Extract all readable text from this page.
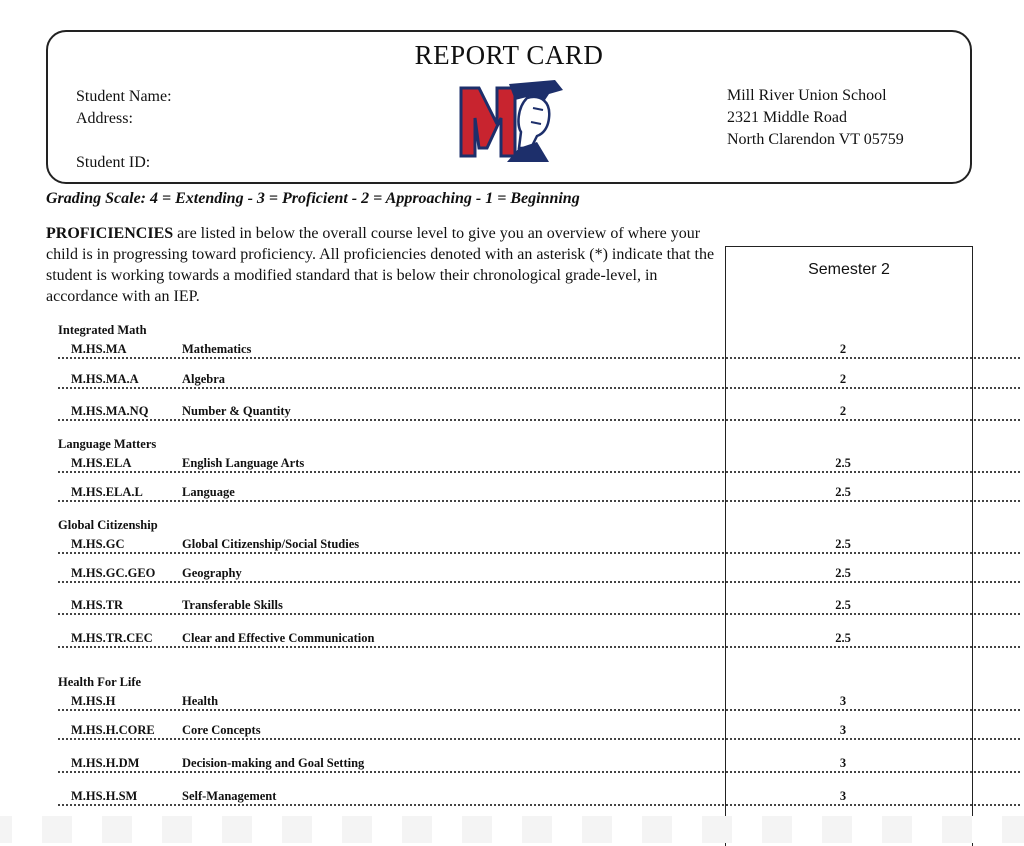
REPORT CARD
Student Name:
Address:
Student ID:
Mill River Union School
2321 Middle Road
North Clarendon VT 05759
Grading Scale: 4 = Extending - 3 = Proficient - 2 = Approaching - 1 = Beginning
PROFICIENCIES are listed in below the overall course level to give you an overview of where your child is in progressing toward proficiency. All proficiencies denoted with an asterisk (*) indicate that the student is working towards a modified standard that is below their chronological grade-level, in accordance with an IEP.
Semester 2
Integrated Math
M.HS.MA	Mathematics	2
M.HS.MA.A	Algebra	2
M.HS.MA.NQ	Number & Quantity	2
Language Matters
M.HS.ELA	English Language Arts	2.5
M.HS.ELA.L	Language	2.5
Global Citizenship
M.HS.GC	Global Citizenship/Social Studies	2.5
M.HS.GC.GEO Geography	2.5
M.HS.TR	Transferable Skills	2.5
M.HS.TR.CEC Clear and Effective Communication	2.5
Health For Life
M.HS.H	Health	3
M.HS.H.CORE Core Concepts	3
M.HS.H.DM	Decision-making and Goal Setting	3
M.HS.H.SM	Self-Management	3
